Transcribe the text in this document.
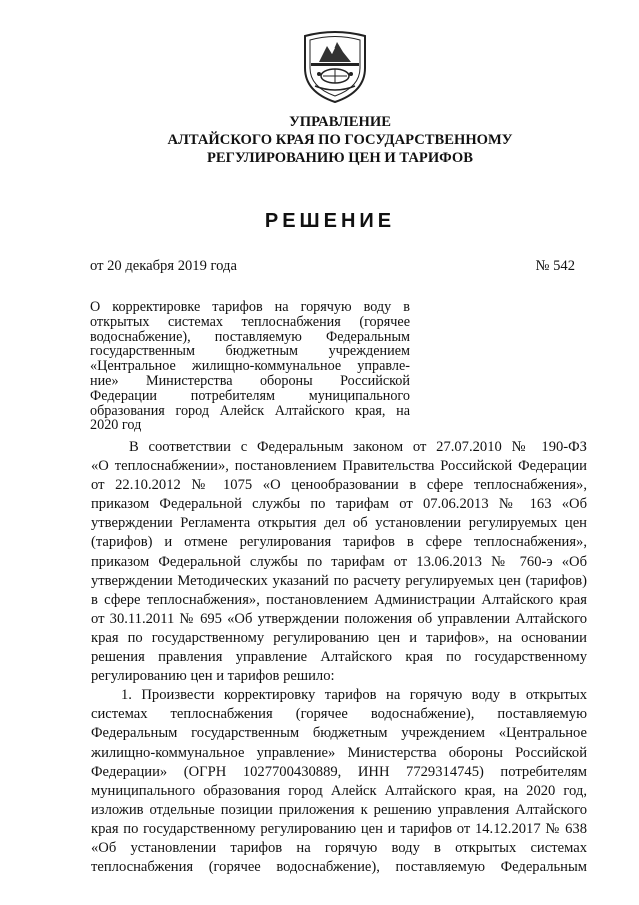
УПРАВЛЕНИЕ
АЛТАЙСКОГО КРАЯ ПО ГОСУДАРСТВЕННОМУ
РЕГУЛИРОВАНИЮ ЦЕН И ТАРИФОВ
РЕШЕНИЕ
от 20 декабря 2019 года	№ 542
О корректировке тарифов на горячую воду в
открытых системах теплоснабжения (горячее
водоснабжение), поставляемую Федеральным
государственным бюджетным учреждением
«Центральное жилищно-коммунальное управле-
ние» Министерства обороны Российской
Федерации потребителям муниципального
образования город Алейск Алтайского края, на
2020 год
В соответствии с Федеральным законом от 27.07.2010 № 190-ФЗ
«О теплоснабжении», постановлением Правительства Российской Федерации
от 22.10.2012 № 1075 «О ценообразовании в сфере теплоснабжения»,
приказом Федеральной службы по тарифам от 07.06.2013 № 163 «Об
утверждении Регламента открытия дел об установлении регулируемых цен
(тарифов) и отмене регулирования тарифов в сфере теплоснабжения»,
приказом Федеральной службы по тарифам от 13.06.2013 № 760-э «Об
утверждении Методических указаний по расчету регулируемых цен (тарифов)
в сфере теплоснабжения», постановлением Администрации Алтайского края
от 30.11.2011 № 695 «Об утверждении положения об управлении Алтайского
края по государственному регулированию цен и тарифов», на основании
решения правления управление Алтайского края по государственному
регулированию цен и тарифов решило:
1. Произвести корректировку тарифов на горячую воду в открытых
системах теплоснабжения (горячее водоснабжение), поставляемую
Федеральным государственным бюджетным учреждением «Центральное
жилищно-коммунальное управление» Министерства обороны Российской
Федерации» (ОГРН 1027700430889, ИНН 7729314745) потребителям
муниципального образования город Алейск Алтайского края, на 2020 год,
изложив отдельные позиции приложения к решению управления Алтайского
края по государственному регулированию цен и тарифов от 14.12.2017 № 638
«Об установлении тарифов на горячую воду в открытых системах
теплоснабжения (горячее водоснабжение), поставляемую Федеральным
